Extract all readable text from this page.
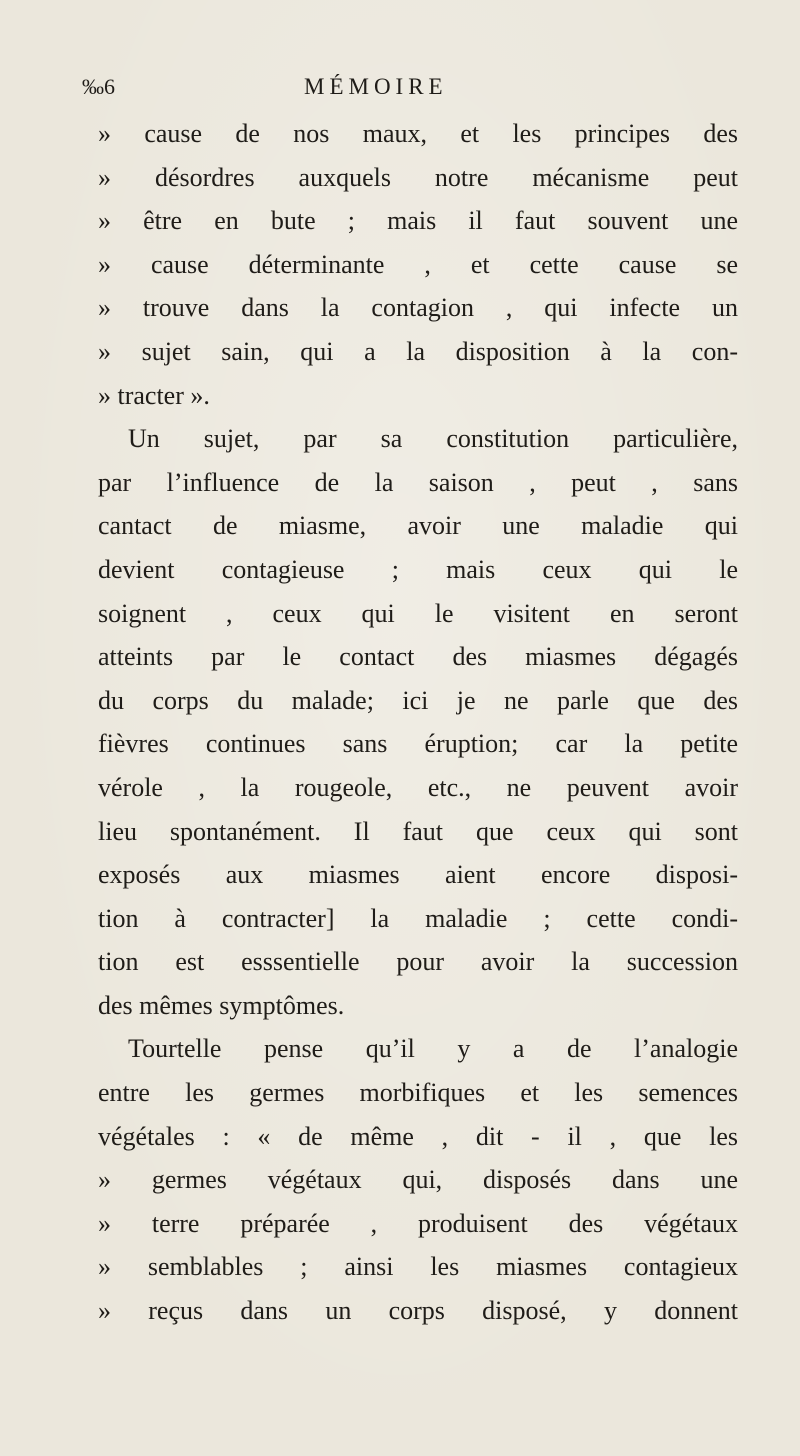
‰6	MÉMOIRE
» cause de nos maux, et les principes des
» désordres auxquels notre mécanisme peut
» être en bute ; mais il faut souvent une
» cause déterminante , et cette cause se
» trouve dans la contagion , qui infecte un
» sujet sain, qui a la disposition à la con-
» tracter ».
Un sujet, par sa constitution particulière,
par l’influence de la saison , peut , sans
cantact de miasme, avoir une maladie qui
devient contagieuse ; mais ceux qui le
soignent , ceux qui le visitent en seront
atteints par le contact des miasmes dégagés
du corps du malade; ici je ne parle que des
fièvres continues sans éruption; car la petite
vérole , la rougeole, etc., ne peuvent avoir
lieu spontanément. Il faut que ceux qui sont
exposés aux miasmes aient encore disposi-
tion à contracter] la maladie ; cette condi-
tion est esssentielle pour avoir la succession
des mêmes symptômes.
Tourtelle pense qu’il y a de l’analogie
entre les germes morbifiques et les semences
végétales : « de même , dit - il , que les
» germes végétaux qui, disposés dans une
» terre préparée , produisent des végétaux
» semblables ; ainsi les miasmes contagieux
» reçus dans un corps disposé, y donnent
